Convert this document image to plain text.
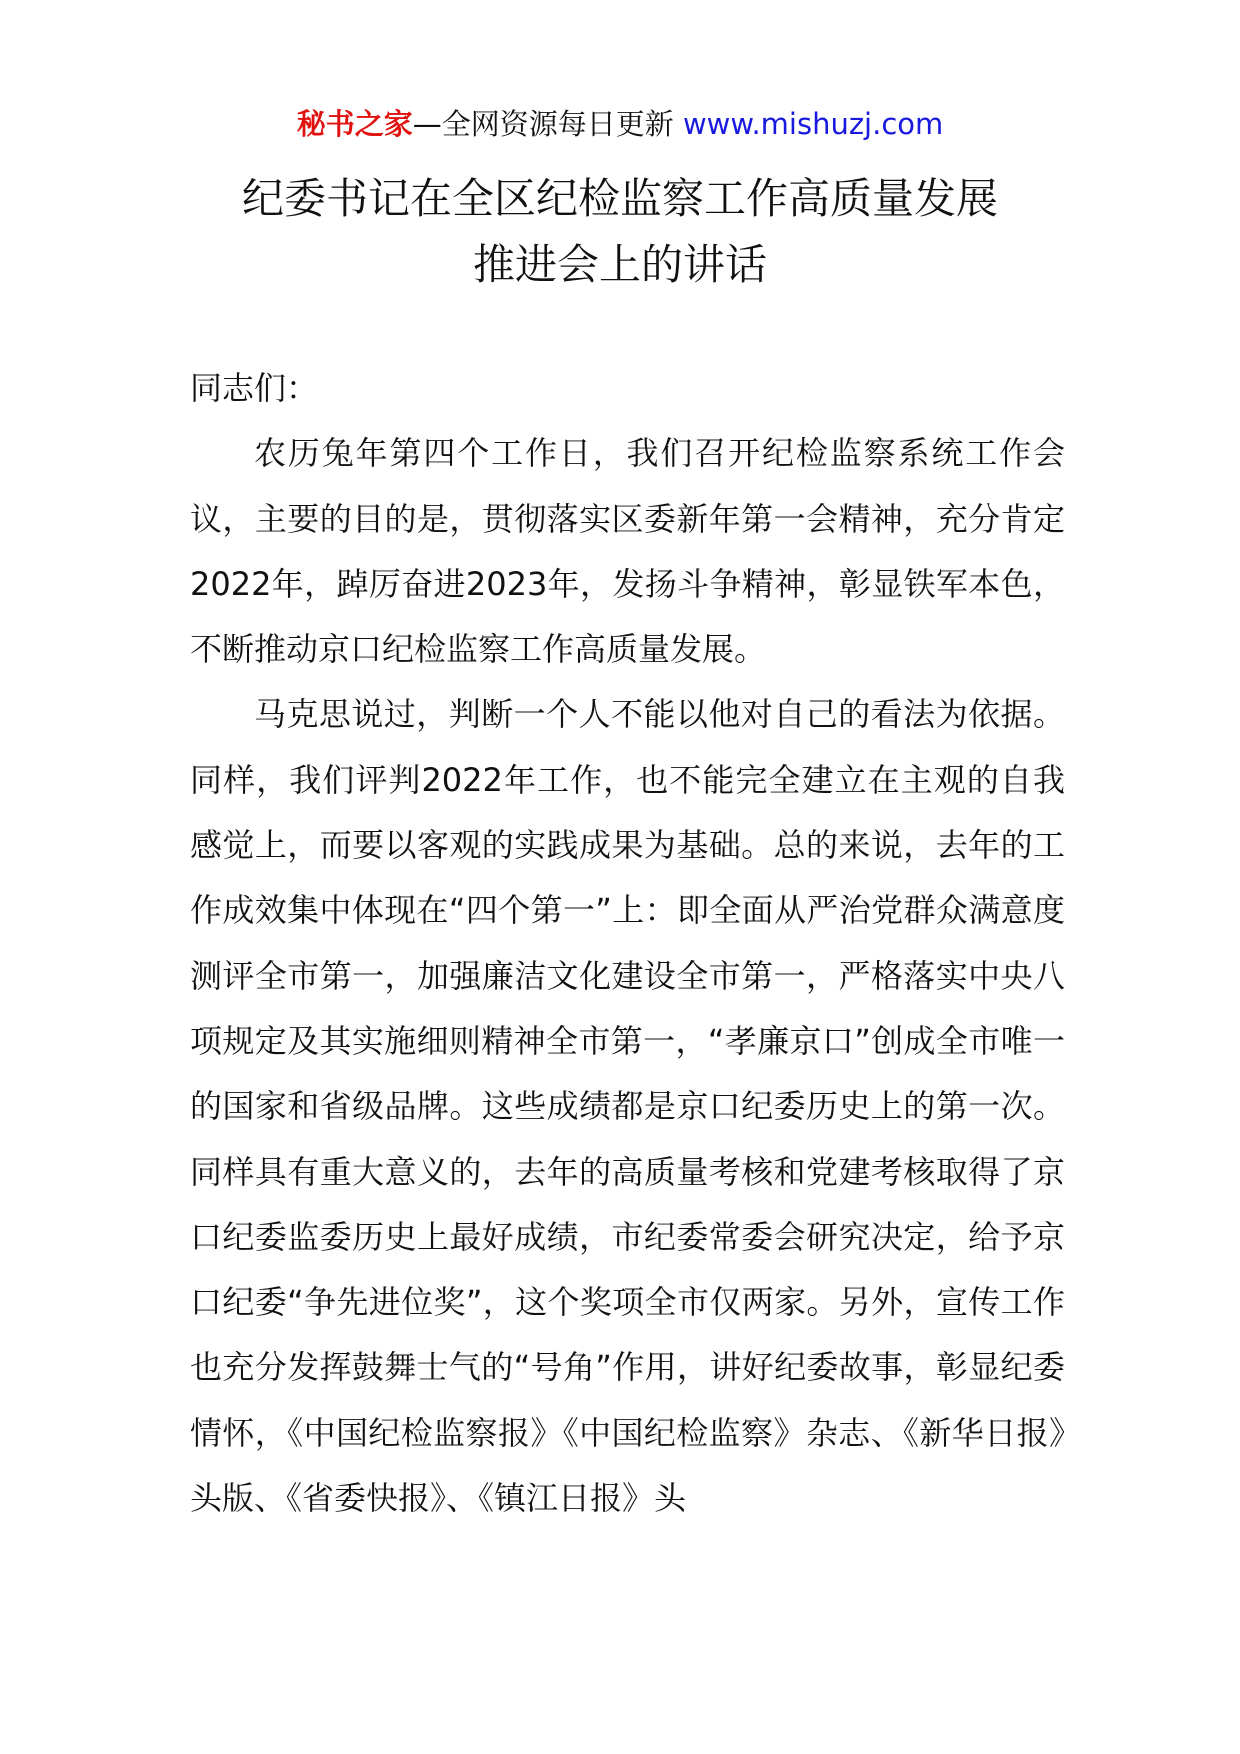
秘书之家—全网资源每日更新 www.mishuzj.com
纪委书记在全区纪检监察工作高质量发展
推进会上的讲话

同志们：

农历兔年第四个工作日，我们召开纪检监察系统工作会议，主要的目的是，贯彻落实区委新年第一会精神，充分肯定2022年，踔厉奋进2023年，发扬斗争精神，彰显铁军本色，不断推动京口纪检监察工作高质量发展。

马克思说过，判断一个人不能以他对自己的看法为依据。同样，我们评判2022年工作，也不能完全建立在主观的自我感觉上，而要以客观的实践成果为基础。总的来说，去年的工作成效集中体现在“四个第一”上：即全面从严治党群众满意度测评全市第一，加强廉洁文化建设全市第一，严格落实中央八项规定及其实施细则精神全市第一，“孝廉京口”创成全市唯一的国家和省级品牌。这些成绩都是京口纪委历史上的第一次。同样具有重大意义的，去年的高质量考核和党建考核取得了京口纪委监委历史上最好成绩，市纪委常委会研究决定，给予京口纪委“争先进位奖”，这个奖项全市仅两家。另外，宣传工作也充分发挥鼓舞士气的“号角”作用，讲好纪委故事，彰显纪委情怀，《中国纪检监察报》《中国纪检监察》杂志、《新华日报》头版、《省委快报》、《镇江日报》头
